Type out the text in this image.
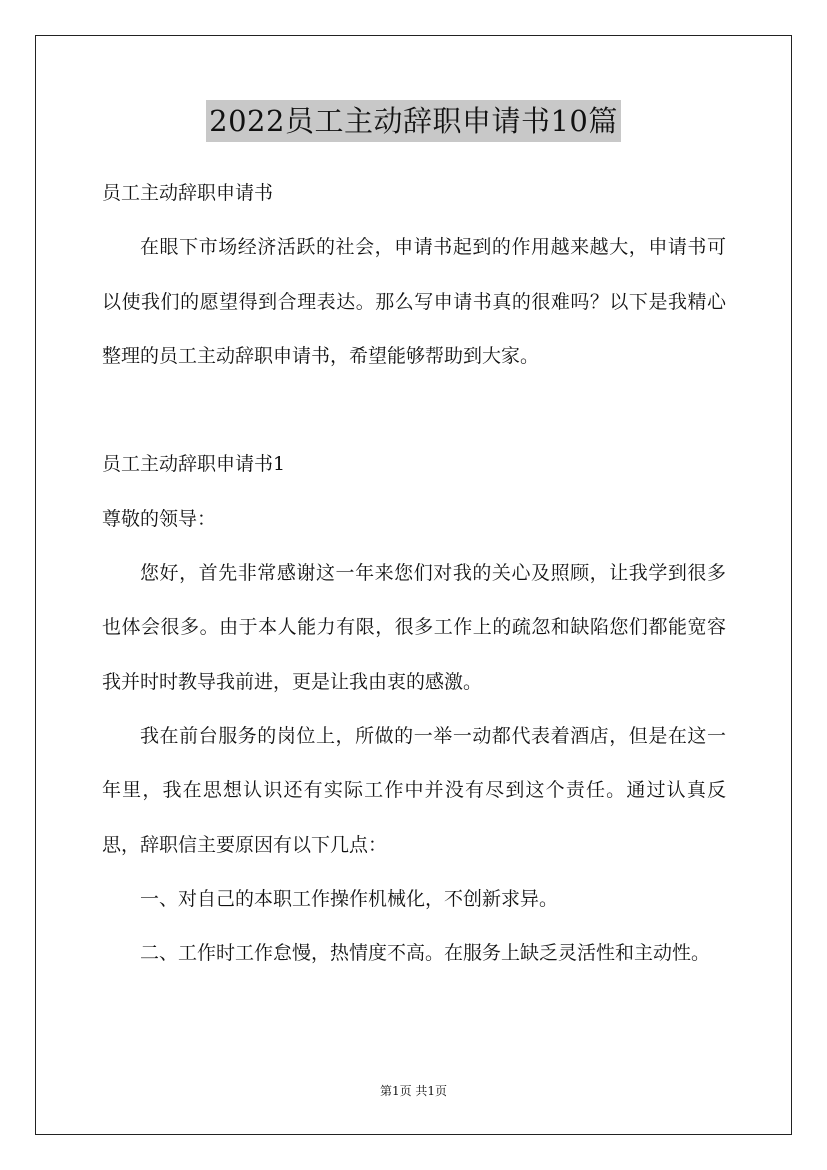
2022员工主动辞职申请书10篇

员工主动辞职申请书

在眼下市场经济活跃的社会，申请书起到的作用越来越大，申请书可以使我们的愿望得到合理表达。那么写申请书真的很难吗？以下是我精心整理的员工主动辞职申请书，希望能够帮助到大家。

员工主动辞职申请书1

尊敬的领导：

您好，首先非常感谢这一年来您们对我的关心及照顾，让我学到很多也体会很多。由于本人能力有限，很多工作上的疏忽和缺陷您们都能宽容我并时时教导我前进，更是让我由衷的感激。

我在前台服务的岗位上，所做的一举一动都代表着酒店，但是在这一年里，我在思想认识还有实际工作中并没有尽到这个责任。通过认真反思，辞职信主要原因有以下几点：

一、对自己的本职工作操作机械化，不创新求异。

二、工作时工作怠慢，热情度不高。在服务上缺乏灵活性和主动性。

第1页 共1页
